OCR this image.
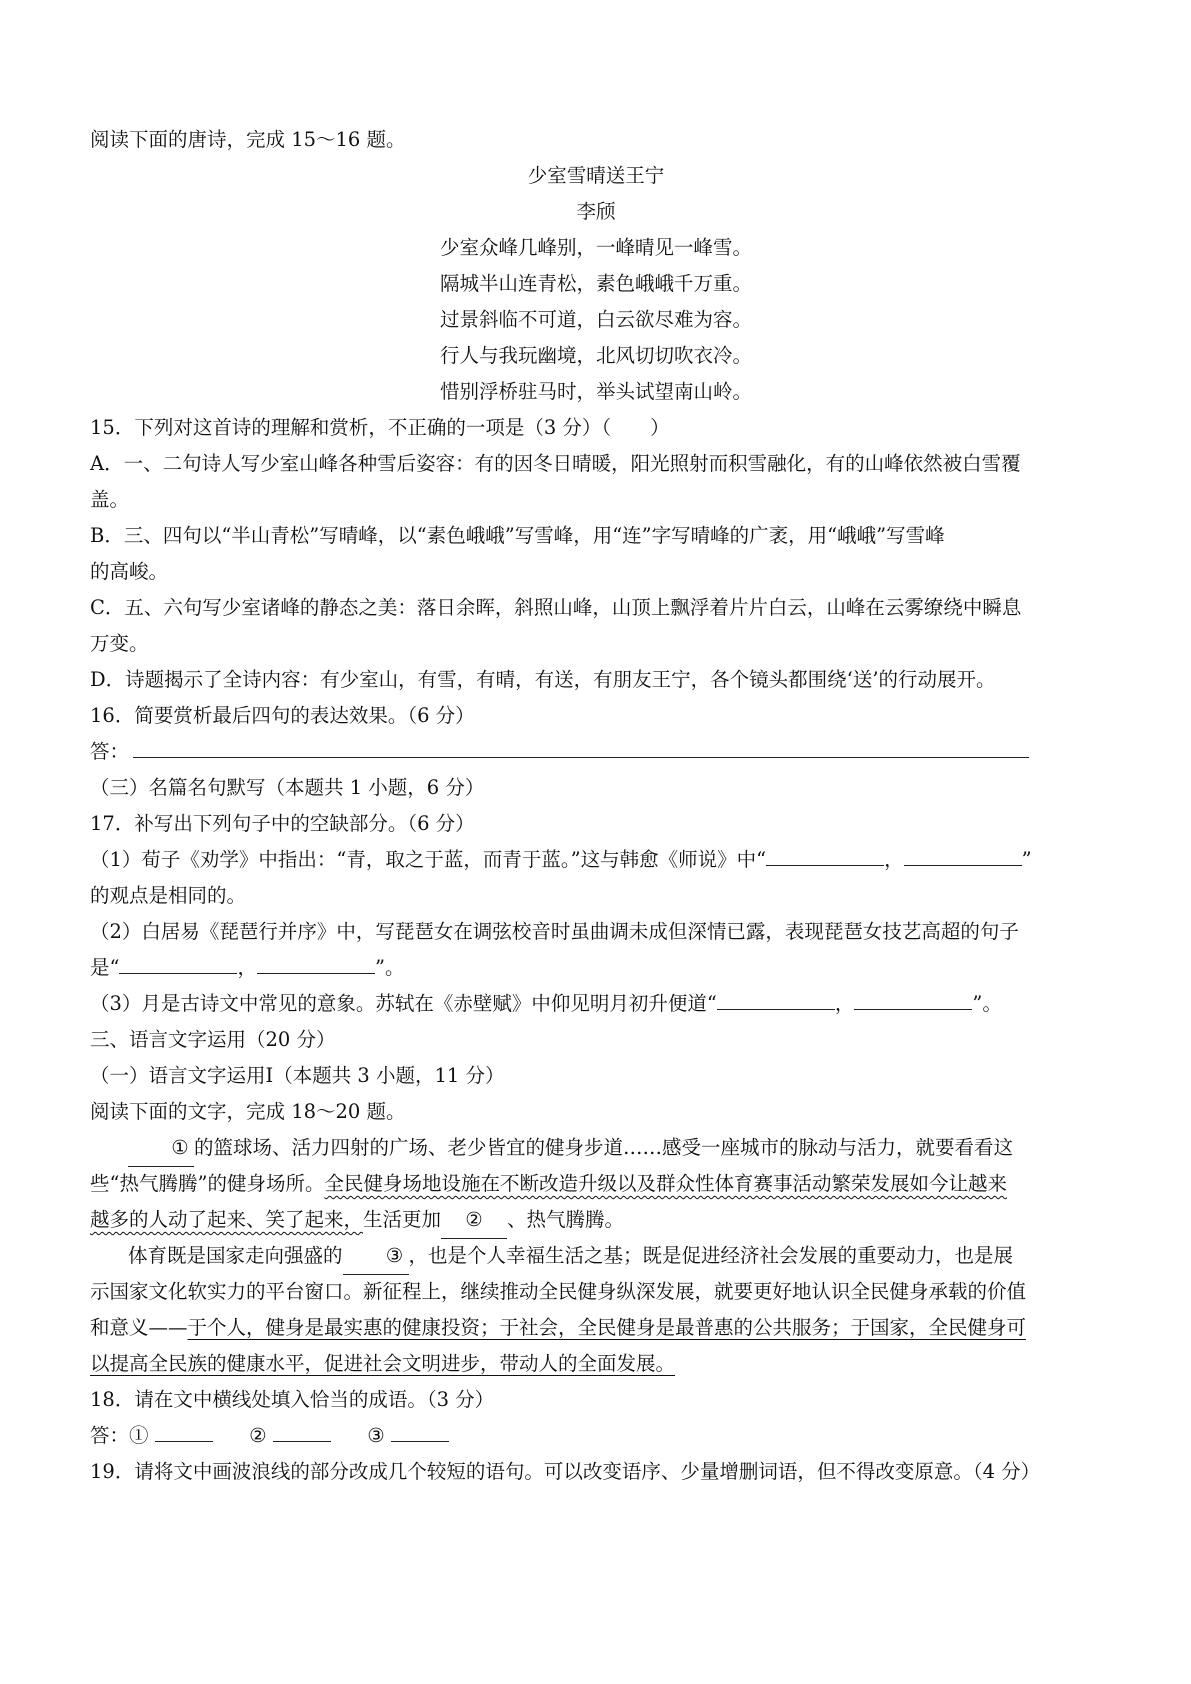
阅读下面的唐诗，完成 15～16 题。
少室雪晴送王宁
李颀
少室众峰几峰别，一峰晴见一峰雪。
隔城半山连青松，素色峨峨千万重。
过景斜临不可道，白云欲尽难为容。
行人与我玩幽境，北风切切吹衣冷。
惜别浮桥驻马时，举头试望南山岭。
15．下列对这首诗的理解和赏析，不正确的一项是（3 分）（　　）
A．一、二句诗人写少室山峰各种雪后姿容：有的因冬日晴暖，阳光照射而积雪融化，有的山峰依然被白雪覆
盖。
B．三、四句以“半山青松”写晴峰，以“素色峨峨”写雪峰，用“连”字写晴峰的广袤，用“峨峨”写雪峰
的高峻。
C．五、六句写少室诸峰的静态之美：落日余晖，斜照山峰，山顶上飘浮着片片白云，山峰在云雾缭绕中瞬息
万变。
D．诗题揭示了全诗内容：有少室山，有雪，有晴，有送，有朋友王宁，各个镜头都围绕‘送’的行动展开。
16．简要赏析最后四句的表达效果。（6 分）
答：
（三）名篇名句默写（本题共 1 小题，6 分）
17．补写出下列句子中的空缺部分。（6 分）
（1）荀子《劝学》中指出：“青，取之于蓝，而青于蓝。”这与韩愈《师说》中“	，	”
的观点是相同的。
（2）白居易《琵琶行并序》中，写琵琶女在调弦校音时虽曲调未成但深情已露，表现琵琶女技艺高超的句子
是“	，	”。
（3）月是古诗文中常见的意象。苏轼在《赤壁赋》中仰见明月初升便道“	，	”。
三、语言文字运用（20 分）
（一）语言文字运用Ⅰ（本题共 3 小题，11 分）
阅读下面的文字，完成 18～20 题。
① 的篮球场、活力四射的广场、老少皆宜的健身步道……感受一座城市的脉动与活力，就要看看这
些“热气腾腾”的健身场所。全民健身场地设施在不断改造升级以及群众性体育赛事活动繁荣发展如今让越来
越多的人动了起来、笑了起来，生活更加 ② 、热气腾腾。
体育既是国家走向强盛的 ③ ，也是个人幸福生活之基；既是促进经济社会发展的重要动力，也是展
示国家文化软实力的平台窗口。新征程上，继续推动全民健身纵深发展，就要更好地认识全民健身承载的价值
和意义——于个人，健身是最实惠的健康投资；于社会，全民健身是最普惠的公共服务；于国家，全民健身可
以提高全民族的健康水平，促进社会文明进步，带动人的全面发展。
18．请在文中横线处填入恰当的成语。（3 分）
答：①	②	③
19．请将文中画波浪线的部分改成几个较短的语句。可以改变语序、少量增删词语，但不得改变原意。（4 分）
